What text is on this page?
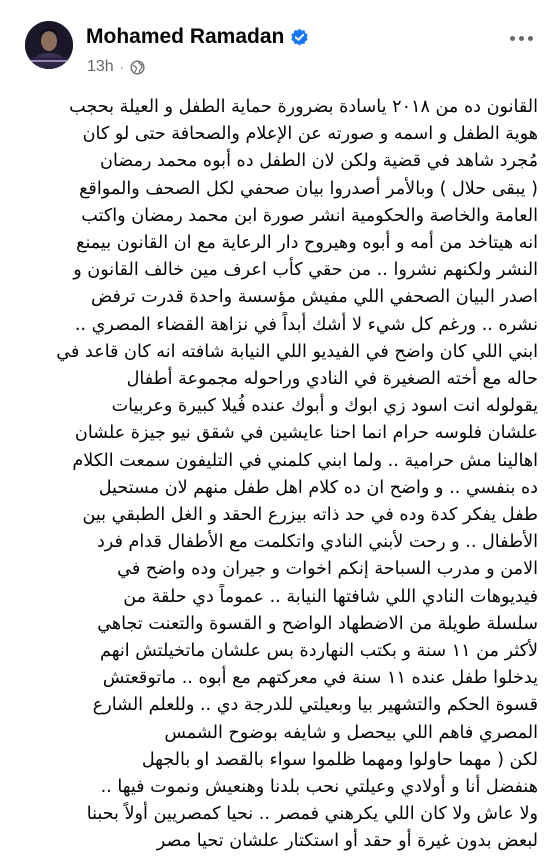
Mohamed Ramadan
13h ·
القانون ده من ٢٠١٨ ياسادة بضرورة حماية الطفل و العيلة بحجب
هوية الطفل و اسمه و صورته عن الإعلام والصحافة حتى لو كان
مُجرد شاهد في قضية ولكن لان الطفل ده أبوه محمد رمضان
( يبقى حلال ) وبالأمر أصدروا بيان صحفي لكل الصحف والمواقع
العامة والخاصة والحكومية انشر صورة ابن محمد رمضان واكتب
انه هيتاخد من أمه و أبوه وهيروح دار الرعاية مع ان القانون بيمنع
النشر ولكنهم نشروا .. من حقي كأب اعرف مين خالف القانون و
اصدر البيان الصحفي اللي مفيش مؤسسة واحدة قدرت ترفض
نشره .. ورغم كل شيء لا أشك أبداً في نزاهة القضاء المصري ..
ابني اللي كان واضح في الفيديو اللي النيابة شافته انه كان قاعد في
حاله مع أخته الصغيرة في النادي وراحوله مجموعة أطفال
يقولوله انت اسود زي ابوك و أبوك عنده فُيلا كبيرة وعربيات
علشان فلوسه حرام انما احنا عايشين في شقق نيو جيزة علشان
اهالينا مش حرامية .. ولما ابني كلمني في التليفون سمعت الكلام
ده بنفسي .. و واضح ان ده كلام اهل طفل منهم لان مستحيل
طفل يفكر كدة وده في حد ذاته بيزرع الحقد و الغل الطبقي بين
الأطفال .. و رحت لأبني النادي واتكلمت مع الأطفال قدام فرد
الامن و مدرب السباحة إنكم اخوات و جيران وده واضح في
فيديوهات النادي اللي شافتها النيابة .. عموماً دي حلقة من
سلسلة طويلة من الاضطهاد الواضح و القسوة والتعنت تجاهي
لأكثر من ١١ سنة و بكتب النهاردة بس علشان ماتخيلتش انهم
يدخلوا طفل عنده ١١ سنة في معركتهم مع أبوه .. ماتوقعتش
قسوة الحكم والتشهير بيا وبعيلتي للدرجة دي .. وللعلم الشارع
المصري فاهم اللي بيحصل و شايفه بوضوح الشمس
لكن ( مهما حاولوا ومهما ظلموا سواء بالقصد او بالجهل
هنفضل أنا و أولادي وعيلتي نحب بلدنا وهنعيش ونموت فيها ..
ولا عاش ولا كان اللي يكرهني فمصر .. نحيا كمصريين أولاً بحبنا
لبعض بدون غيرة أو حقد أو استكتار علشان تحيا مصر
